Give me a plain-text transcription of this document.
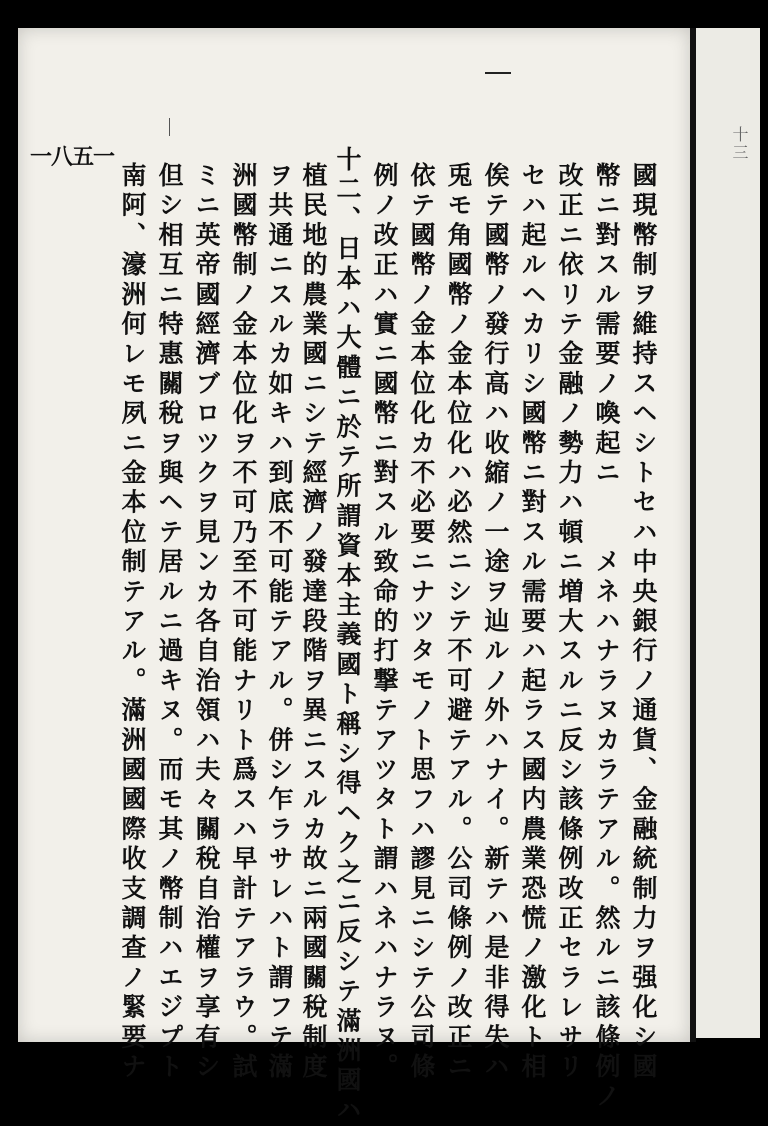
十三
一八五一
國現幣制ヲ維持スヘシトセハ中央銀行ノ通貨、金融統制力ヲ强化シ國
幣ニ對スル需要ノ喚起ニ　　メネハナラヌカラテアル。然ルニ該條例ノ
改正ニ依リテ金融ノ勢力ハ頓ニ増大スルニ反シ該條例改正セラレサリ
セハ起ルヘカリシ國幣ニ對スル需要ハ起ラス國内農業恐慌ノ激化ト相
俟テ國幣ノ發行高ハ收縮ノ一途ヲ辿ルノ外ハナイ。新テハ是非得失ハ
兎モ角國幣ノ金本位化ハ必然ニシテ不可避テアル。公司條例ノ改正ニ
依テ國幣ノ金本位化カ不必要ニナツタモノト思フハ謬見ニシテ公司條
例ノ改正ハ實ニ國幣ニ對スル致命的打撃テアツタト謂ハネハナラヌ。
十二、日本ハ大體ニ於テ所謂資本主義國ト稱シ得ヘク之ニ反シテ滿洲國ハ
植民地的農業國ニシテ經濟ノ發達段階ヲ異ニスルカ故ニ兩國關稅制度
ヲ共通ニスルカ如キハ到底不可能テアル。併シ乍ラサレハト謂フテ滿
洲國幣制ノ金本位化ヲ不可乃至不可能ナリト爲スハ早計テアラウ。試
ミニ英帝國經濟ブロツクヲ見ンカ各自治領ハ夫々關稅自治權ヲ享有シ
但シ相互ニ特惠關稅ヲ與ヘテ居ルニ過キヌ。而モ其ノ幣制ハエジプト
南阿、濠洲何レモ夙ニ金本位制テアル。滿洲國國際收支調查ノ緊要ナ
